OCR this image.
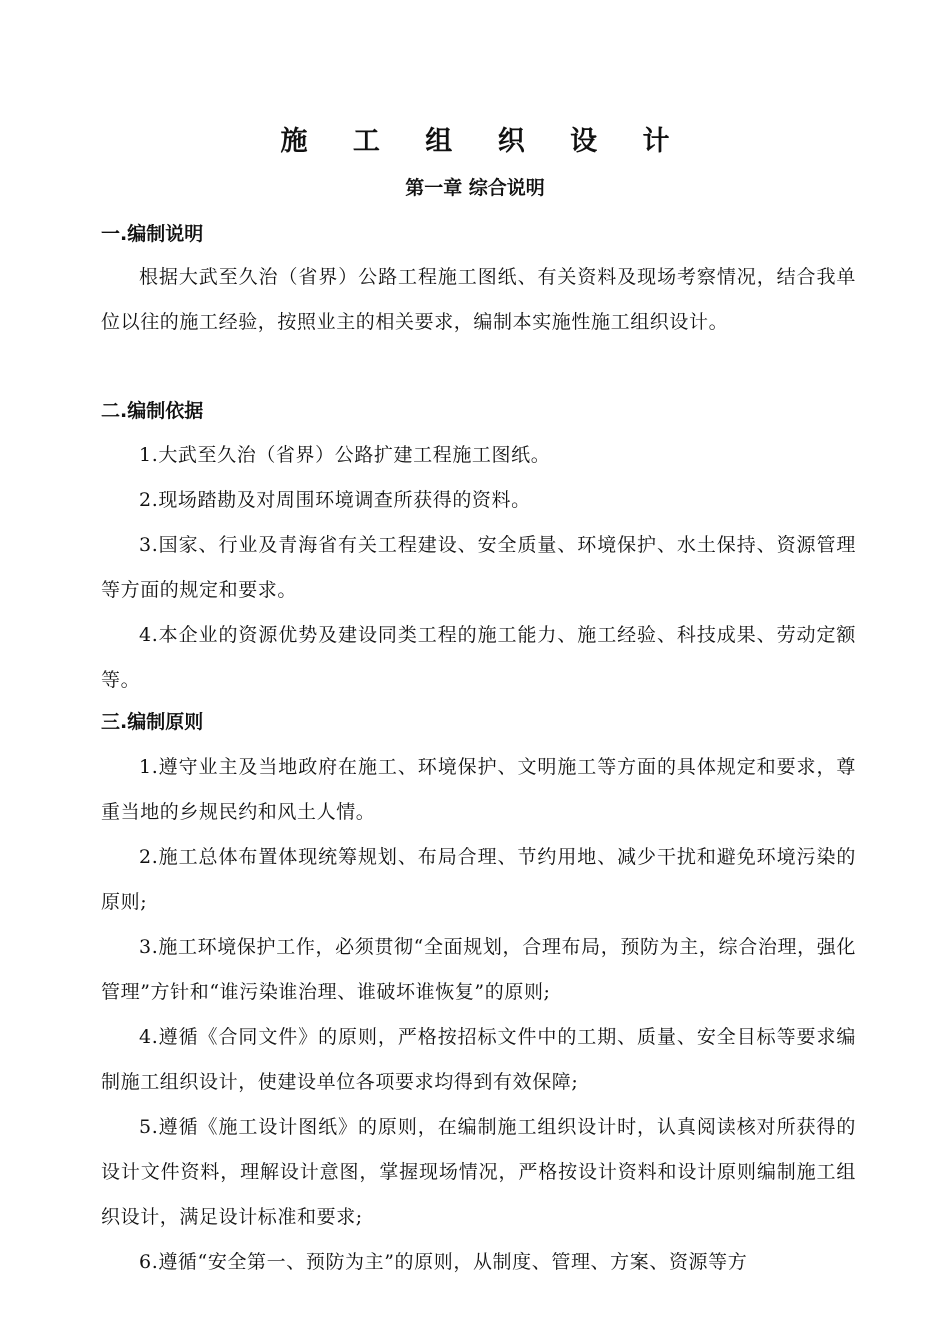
施 工 组 织 设 计
第一章 综合说明
一.编制说明

根据大武至久治（省界）公路工程施工图纸、有关资料及现场考察情况，结合我单位以往的施工经验，按照业主的相关要求，编制本实施性施工组织设计。

二.编制依据

1.大武至久治（省界）公路扩建工程施工图纸。

2.现场踏勘及对周围环境调查所获得的资料。

3.国家、行业及青海省有关工程建设、安全质量、环境保护、水土保持、资源管理等方面的规定和要求。

4.本企业的资源优势及建设同类工程的施工能力、施工经验、科技成果、劳动定额等。

三.编制原则

1.遵守业主及当地政府在施工、环境保护、文明施工等方面的具体规定和要求，尊重当地的乡规民约和风土人情。

2.施工总体布置体现统筹规划、布局合理、节约用地、减少干扰和避免环境污染的原则;

3.施工环境保护工作，必须贯彻“全面规划，合理布局，预防为主，综合治理，强化管理”方针和“谁污染谁治理、谁破坏谁恢复”的原则;

4.遵循《合同文件》的原则，严格按招标文件中的工期、质量、安全目标等要求编制施工组织设计，使建设单位各项要求均得到有效保障;

5.遵循《施工设计图纸》的原则，在编制施工组织设计时，认真阅读核对所获得的设计文件资料，理解设计意图，掌握现场情况，严格按设计资料和设计原则编制施工组织设计，满足设计标准和要求;

6.遵循“安全第一、预防为主”的原则，从制度、管理、方案、资源等方
